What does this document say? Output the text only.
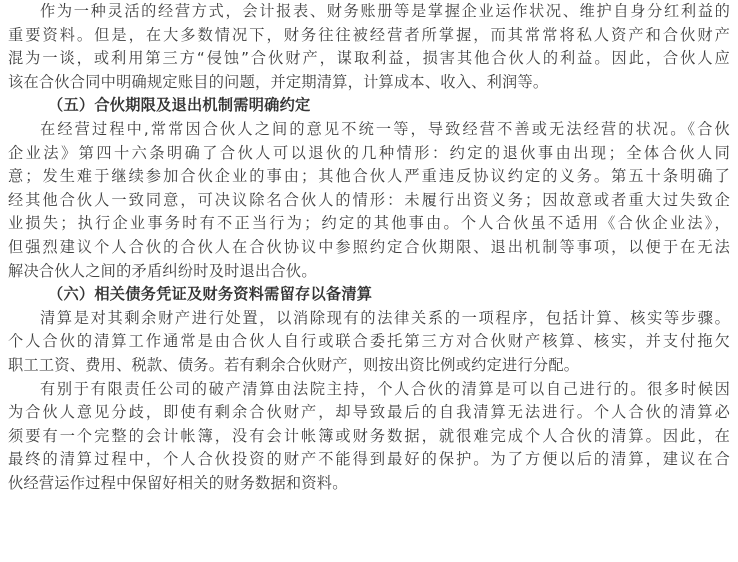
作为一种灵活的经营方式，会计报表、财务账册等是掌握企业运作状况、维护自身分红利益的
重要资料。但是，在大多数情况下，财务往往被经营者所掌握，而其常常将私人资产和合伙财产
混为一谈，或利用第三方“侵蚀”合伙财产，谋取利益，损害其他合伙人的利益。因此，合伙人应
该在合伙合同中明确规定账目的问题，并定期清算，计算成本、收入、利润等。
（五）合伙期限及退出机制需明确约定
在经营过程中,常常因合伙人之间的意见不统一等，导致经营不善或无法经营的状况。《合伙
企业法》第四十六条明确了合伙人可以退伙的几种情形：约定的退伙事由出现；全体合伙人同
意；发生难于继续参加合伙企业的事由；其他合伙人严重违反协议约定的义务。第五十条明确了
经其他合伙人一致同意，可决议除名合伙人的情形：未履行出资义务；因故意或者重大过失致企
业损失；执行企业事务时有不正当行为；约定的其他事由。个人合伙虽不适用《合伙企业法》，
但强烈建议个人合伙的合伙人在合伙协议中参照约定合伙期限、退出机制等事项，以便于在无法
解决合伙人之间的矛盾纠纷时及时退出合伙。
（六）相关债务凭证及财务资料需留存以备清算
清算是对其剩余财产进行处置，以消除现有的法律关系的一项程序，包括计算、核实等步骤。
个人合伙的清算工作通常是由合伙人自行或联合委托第三方对合伙财产核算、核实，并支付拖欠
职工工资、费用、税款、债务。若有剩余合伙财产，则按出资比例或约定进行分配。
有别于有限责任公司的破产清算由法院主持，个人合伙的清算是可以自己进行的。很多时候因
为合伙人意见分歧，即使有剩余合伙财产，却导致最后的自我清算无法进行。个人合伙的清算必
须要有一个完整的会计帐簿，没有会计帐簿或财务数据，就很难完成个人合伙的清算。因此，在
最终的清算过程中，个人合伙投资的财产不能得到最好的保护。为了方便以后的清算，建议在合
伙经营运作过程中保留好相关的财务数据和资料。
